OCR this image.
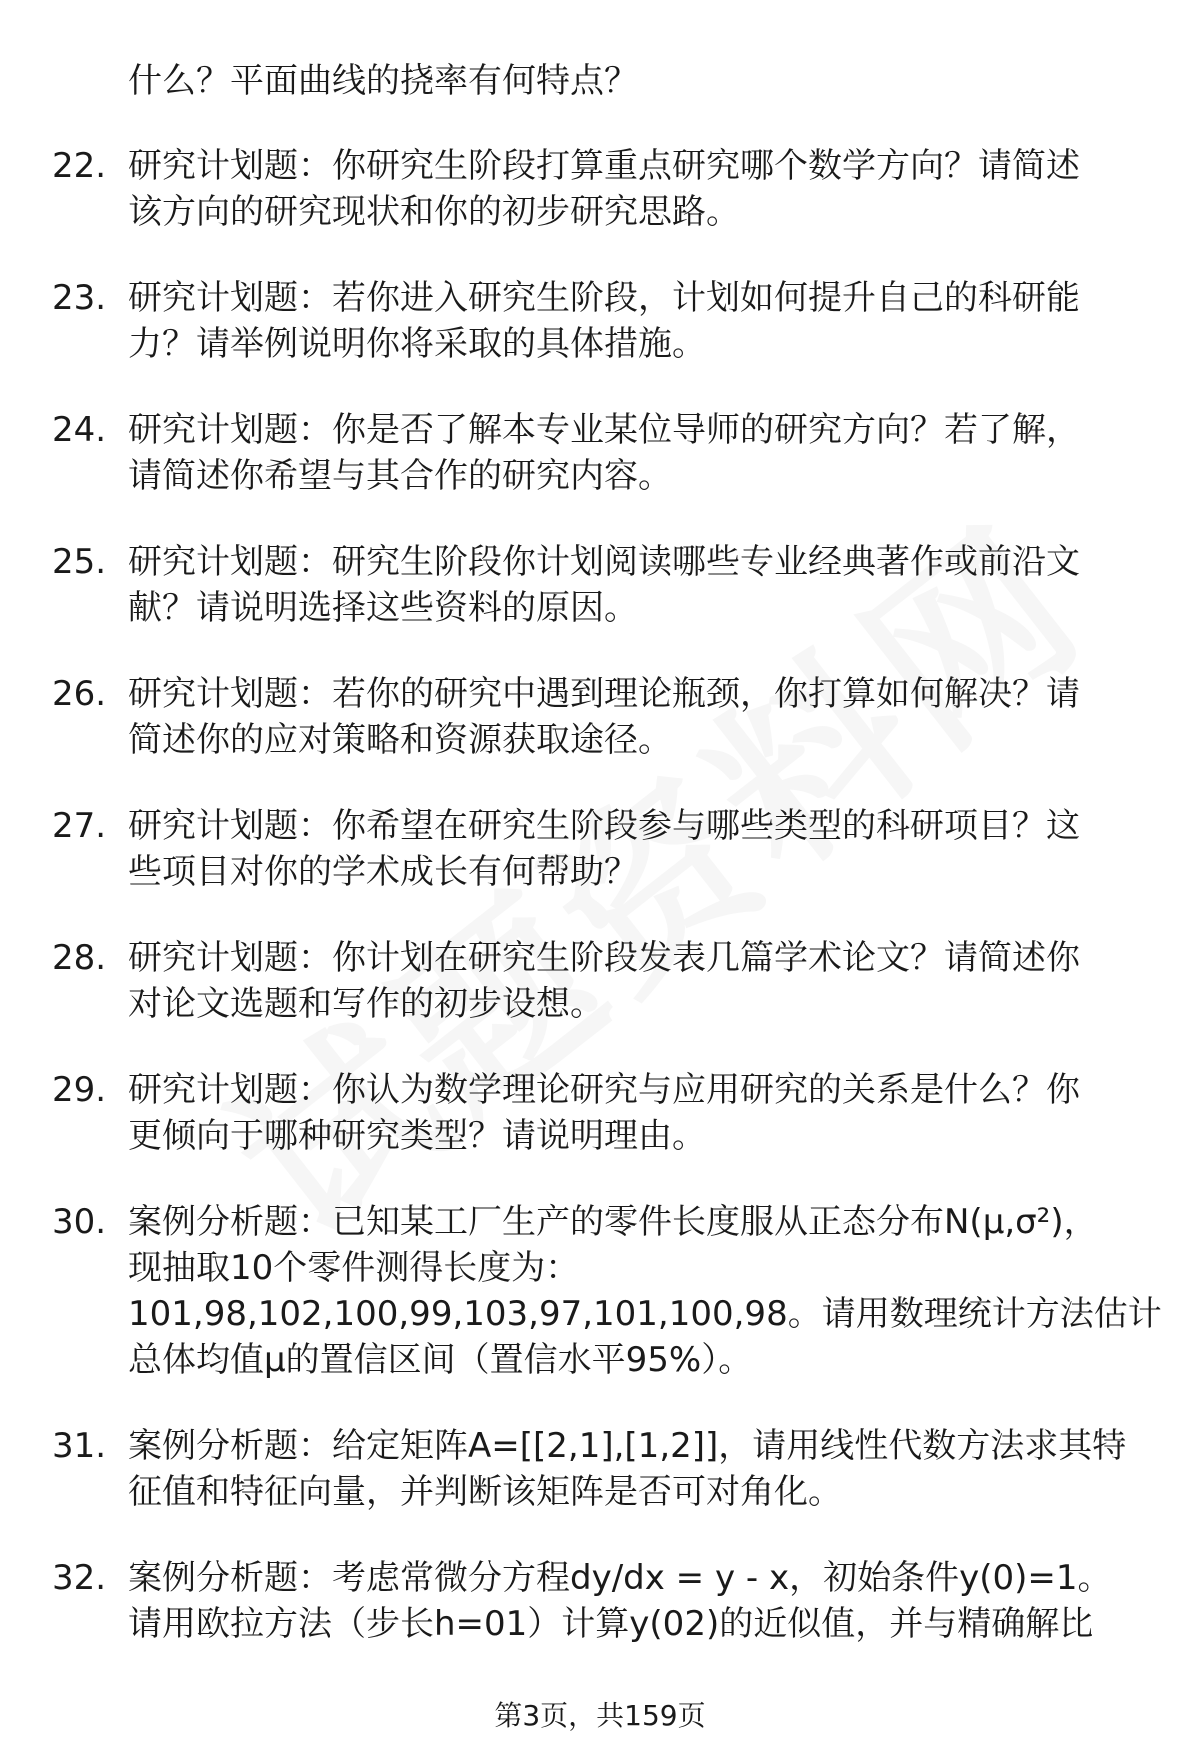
什么？平面曲线的挠率有何特点？
22. 研究计划题：你研究生阶段打算重点研究哪个数学方向？请简述
该方向的研究现状和你的初步研究思路。
23. 研究计划题：若你进入研究生阶段，计划如何提升自己的科研能
力？请举例说明你将采取的具体措施。
24. 研究计划题：你是否了解本专业某位导师的研究方向？若了解，
请简述你希望与其合作的研究内容。
25. 研究计划题：研究生阶段你计划阅读哪些专业经典著作或前沿文
献？请说明选择这些资料的原因。
26. 研究计划题：若你的研究中遇到理论瓶颈，你打算如何解决？请
简述你的应对策略和资源获取途径。
27. 研究计划题：你希望在研究生阶段参与哪些类型的科研项目？这
些项目对你的学术成长有何帮助？
28. 研究计划题：你计划在研究生阶段发表几篇学术论文？请简述你
对论文选题和写作的初步设想。
29. 研究计划题：你认为数学理论研究与应用研究的关系是什么？你
更倾向于哪种研究类型？请说明理由。
30. 案例分析题：已知某工厂生产的零件长度服从正态分布N(μ,σ²)，
现抽取10个零件测得长度为：
101,98,102,100,99,103,97,101,100,98。请用数理统计方法估计
总体均值μ的置信区间（置信水平95%）。
31. 案例分析题：给定矩阵A=[[2,1],[1,2]]，请用线性代数方法求其特
征值和特征向量，并判断该矩阵是否可对角化。
32. 案例分析题：考虑常微分方程dy/dx = y - x，初始条件y(0)=1。
请用欧拉方法（步长h=01）计算y(02)的近似值，并与精确解比
第3页，共159页
